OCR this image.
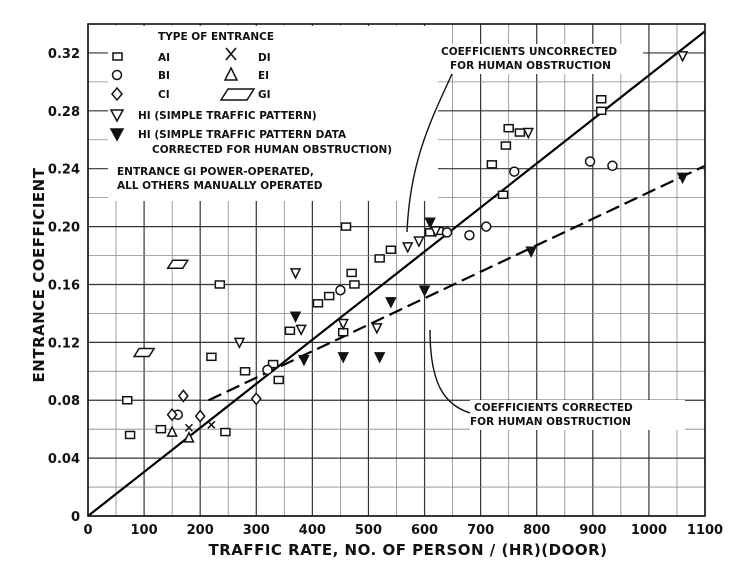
0	100 200 300 400 500 600 700 800 900 1000 1100
0
0.04
0.08
0.12
0.16
0.20
0.24
0.28
0.32
TYPE OF ENTRANCE
AI	DI
BI	EI
CI	GI
HI (SIMPLE TRAFFIC PATTERN)
HI (SIMPLE TRAFFIC PATTERN DATA
CORRECTED FOR HUMAN OBSTRUCTION)
ENTRANCE GI POWER-OPERATED,
ALL OTHERS MANUALLY OPERATED
COEFFICIENTS UNCORRECTED
FOR HUMAN OBSTRUCTION
COEFFICIENTS CORRECTED
FOR HUMAN OBSTRUCTION
TRAFFIC RATE, NO. OF PERSON / (HR)(DOOR)
ENTRANCE COEFFICIENT
